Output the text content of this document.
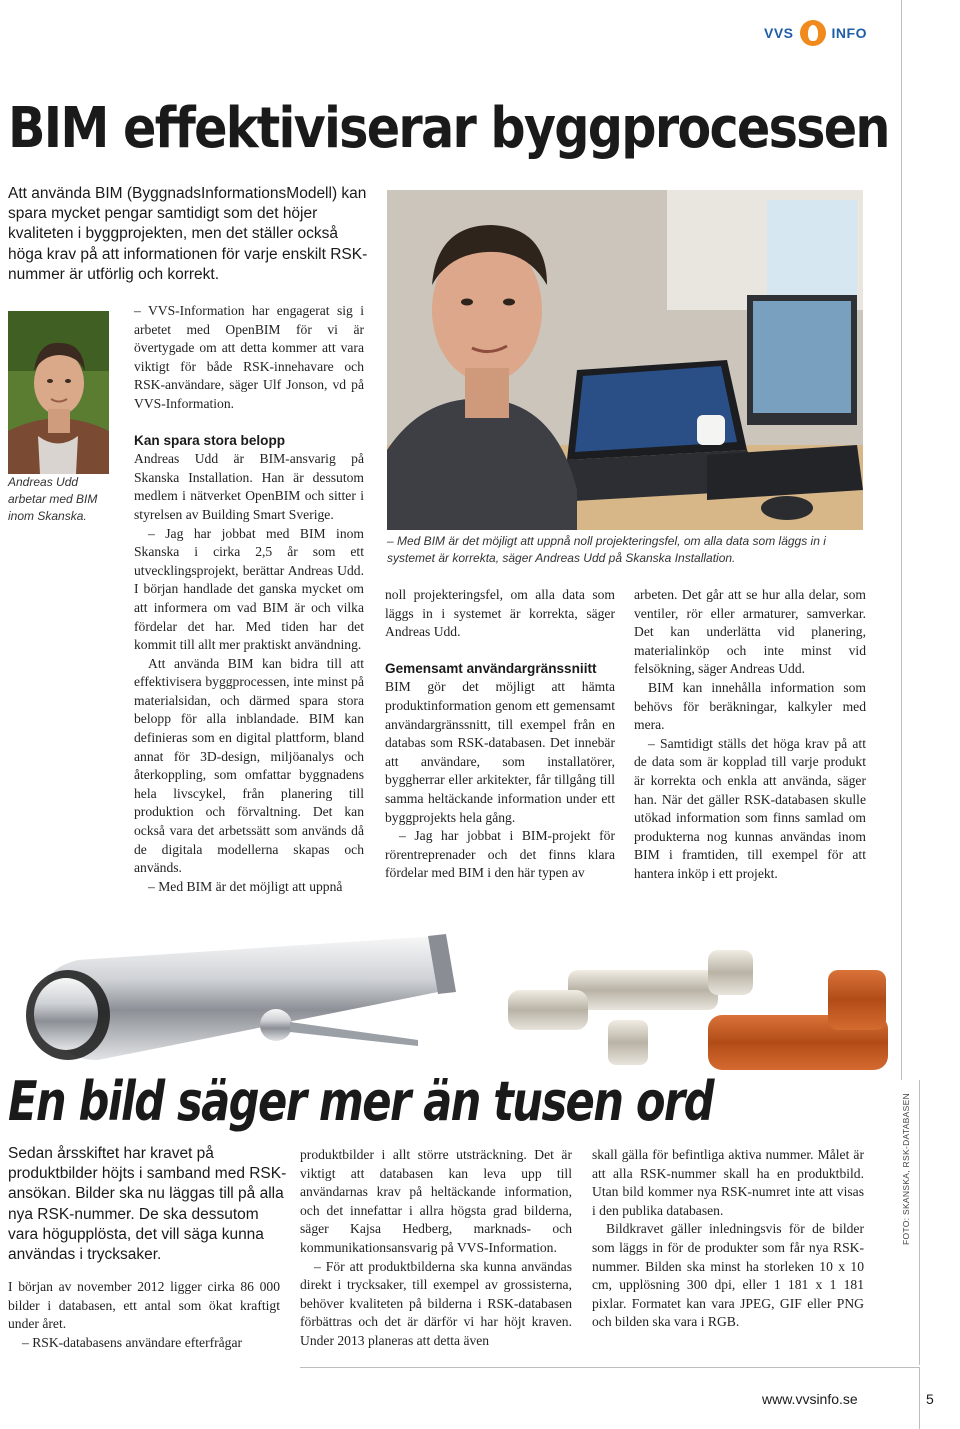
VVS	INFO
BIM effektiviserar byggprocessen
Att använda BIM (ByggnadsInformationsModell) kan spara mycket pengar samtidigt som det höjer kvaliteten i byggprojekten, men det ställer också höga krav på att informationen för varje enskilt RSK-nummer är utförlig och korrekt.
Andreas Udd arbetar med BIM inom Skanska.

– VVS-Information har engagerat sig i arbetet med OpenBIM för vi är övertygade om att detta kommer att vara viktigt för både RSK-innehavare och RSK-användare, säger Ulf Jonson, vd på VVS-Information.

Kan spara stora belopp

Andreas Udd är BIM-ansvarig på Skanska Installation. Han är dessutom medlem i nätverket OpenBIM och sitter i styrelsen av Building Smart Sverige.

– Jag har jobbat med BIM inom Skanska i cirka 2,5 år som ett utvecklingsprojekt, berättar Andreas Udd. I början handlade det ganska mycket om att informera om vad BIM är och vilka fördelar det har. Med tiden har det kommit till allt mer praktiskt användning.

Att använda BIM kan bidra till att effektivisera byggprocessen, inte minst på materialsidan, och därmed spara stora belopp för alla inblandade. BIM kan definieras som en digital plattform, bland annat för 3D-design, miljöanalys och återkoppling, som omfattar byggnadens hela livscykel, från planering till produktion och förvaltning. Det kan också vara det arbetssätt som används då de digitala modellerna skapas och används.

– Med BIM är det möjligt att uppnå

– Med BIM är det möjligt att uppnå noll projekteringsfel, om alla data som läggs in i systemet är korrekta, säger Andreas Udd på Skanska Installation.

noll projekteringsfel, om alla data som läggs in i systemet är korrekta, säger Andreas Udd.

Gemensamt användargränssniitt

BIM gör det möjligt att hämta produktinformation genom ett gemensamt användargränssnitt, till exempel från en databas som RSK-databasen. Det innebär att användare, som installatörer, byggherrar eller arkitekter, får tillgång till samma heltäckande information under ett byggprojekts hela gång.

– Jag har jobbat i BIM-projekt för rörentreprenader och det finns klara fördelar med BIM i den här typen av

arbeten. Det går att se hur alla delar, som ventiler, rör eller armaturer, samverkar. Det kan underlätta vid planering, materialinköp och inte minst vid felsökning, säger Andreas Udd.

BIM kan innehålla information som behövs för beräkningar, kalkyler med mera.

– Samtidigt ställs det höga krav på att de data som är kopplad till varje produkt är korrekta och enkla att använda, säger han. När det gäller RSK-databasen skulle utökad information som finns samlad om produkterna nog kunnas användas inom BIM i framtiden, till exempel för att hantera inköp i ett projekt.

En bild säger mer än tusen ord
Sedan årsskiftet har kravet på produktbilder höjts i samband med RSK-ansökan. Bilder ska nu läggas till på alla nya RSK-nummer. De ska dessutom vara högupplösta, det vill säga kunna användas i trycksaker.

I början av november 2012 ligger cirka 86 000 bilder i databasen, ett antal som ökat kraftigt under året.

– RSK-databasens användare efterfrågar

produktbilder i allt större utsträckning. Det är viktigt att databasen kan leva upp till användarnas krav på heltäckande information, och det innefattar i allra högsta grad bilderna, säger Kajsa Hedberg, marknads- och kommunikationsansvarig på VVS-Information.

– För att produktbilderna ska kunna användas direkt i trycksaker, till exempel av grossisterna, behöver kvaliteten på bilderna i RSK-databasen förbättras och det är därför vi har höjt kraven. Under 2013 planeras att detta även

skall gälla för befintliga aktiva nummer. Målet är att alla RSK-nummer skall ha en produktbild. Utan bild kommer nya RSK-numret inte att visas i den publika databasen.

Bildkravet gäller inledningsvis för de bilder som läggs in för de produkter som får nya RSK-nummer. Bilden ska minst ha storleken 10 x 10 cm, upplösning 300 dpi, eller 1 181 x 1 181 pixlar. Formatet kan vara JPEG, GIF eller PNG och bilden ska vara i RGB.

FOTO: SKANSKA, RSK-DATABASEN
www.vvsinfo.se	5
